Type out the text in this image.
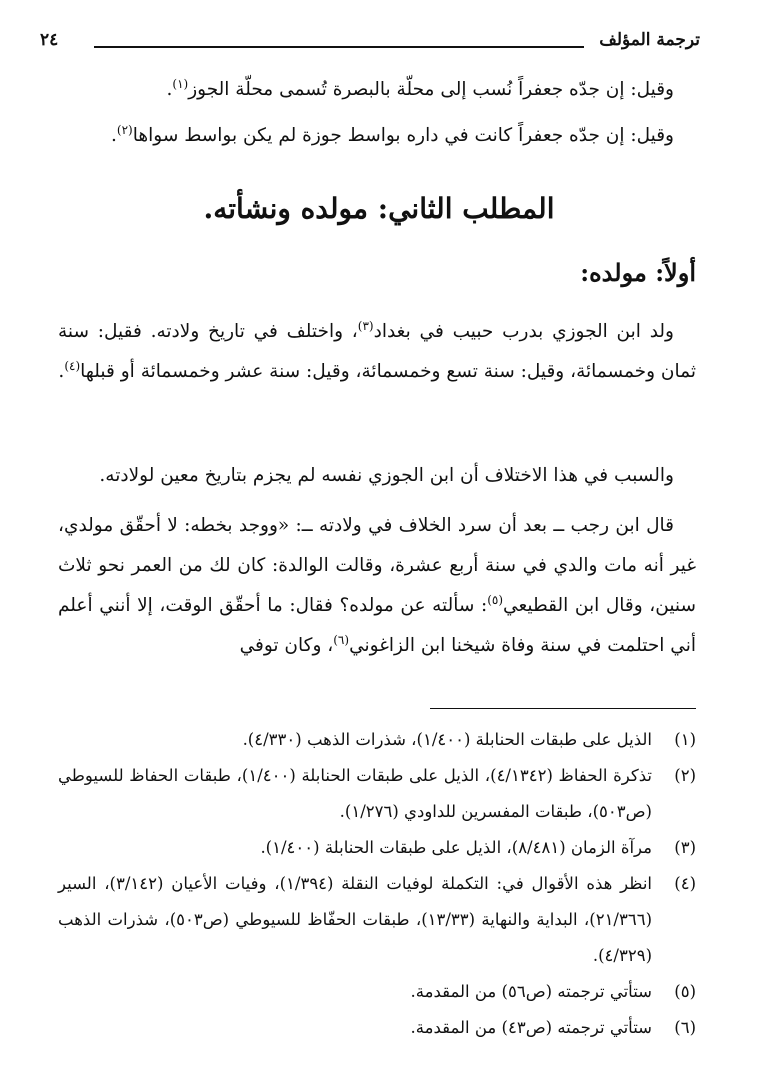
ترجمة المؤلف
٢٤
وقيل: إن جدّه جعفراً نُسب إلى محلّة بالبصرة تُسمى محلّة الجوز$^{(١)}$.
وقيل: إن جدّه جعفراً كانت في داره بواسط جوزة لم يكن بواسط سواها$^{(٢)}$.
المطلب الثاني: مولده ونشأته.
أولاً: مولده:
ولد ابن الجوزي بدرب حبيب في بغداد$^{(٣)}$، واختلف في تاريخ ولادته. فقيل: سنة ثمان وخمسمائة، وقيل: سنة تسع وخمسمائة، وقيل: سنة عشر وخمسمائة أو قبلها$^{(٤)}$.
والسبب في هذا الاختلاف أن ابن الجوزي نفسه لم يجزم بتاريخ معين لولادته.
قال ابن رجب ــ بعد أن سرد الخلاف في ولادته ــ: «ووجد بخطه: لا أحقّق مولدي، غير أنه مات والدي في سنة أربع عشرة، وقالت الوالدة: كان لك من العمر نحو ثلاث سنين، وقال ابن القطيعي$^{(٥)}$: سألته عن مولده؟ فقال: ما أحقّق الوقت، إلا أنني أعلم أني احتلمت في سنة وفاة شيخنا ابن الزاغوني$^{(٦)}$، وكان توفي
(١)
الذيل على طبقات الحنابلة (١/٤٠٠)، شذرات الذهب (٤/٣٣٠).
(٢)
تذكرة الحفاظ (٤/١٣٤٢)، الذيل على طبقات الحنابلة (١/٤٠٠)، طبقات الحفاظ للسيوطي (ص٥٠٣)، طبقات المفسرين للداودي (١/٢٧٦).
(٣)
مرآة الزمان (٨/٤٨١)، الذيل على طبقات الحنابلة (١/٤٠٠).
(٤)
انظر هذه الأقوال في: التكملة لوفيات النقلة (١/٣٩٤)، وفيات الأعيان (٣/١٤٢)، السير (٢١/٣٦٦)، البداية والنهاية (١٣/٣٣)، طبقات الحفّاظ للسيوطي (ص٥٠٣)، شذرات الذهب (٤/٣٢٩).
(٥)
ستأتي ترجمته (ص٥٦) من المقدمة.
(٦)
ستأتي ترجمته (ص٤٣) من المقدمة.
